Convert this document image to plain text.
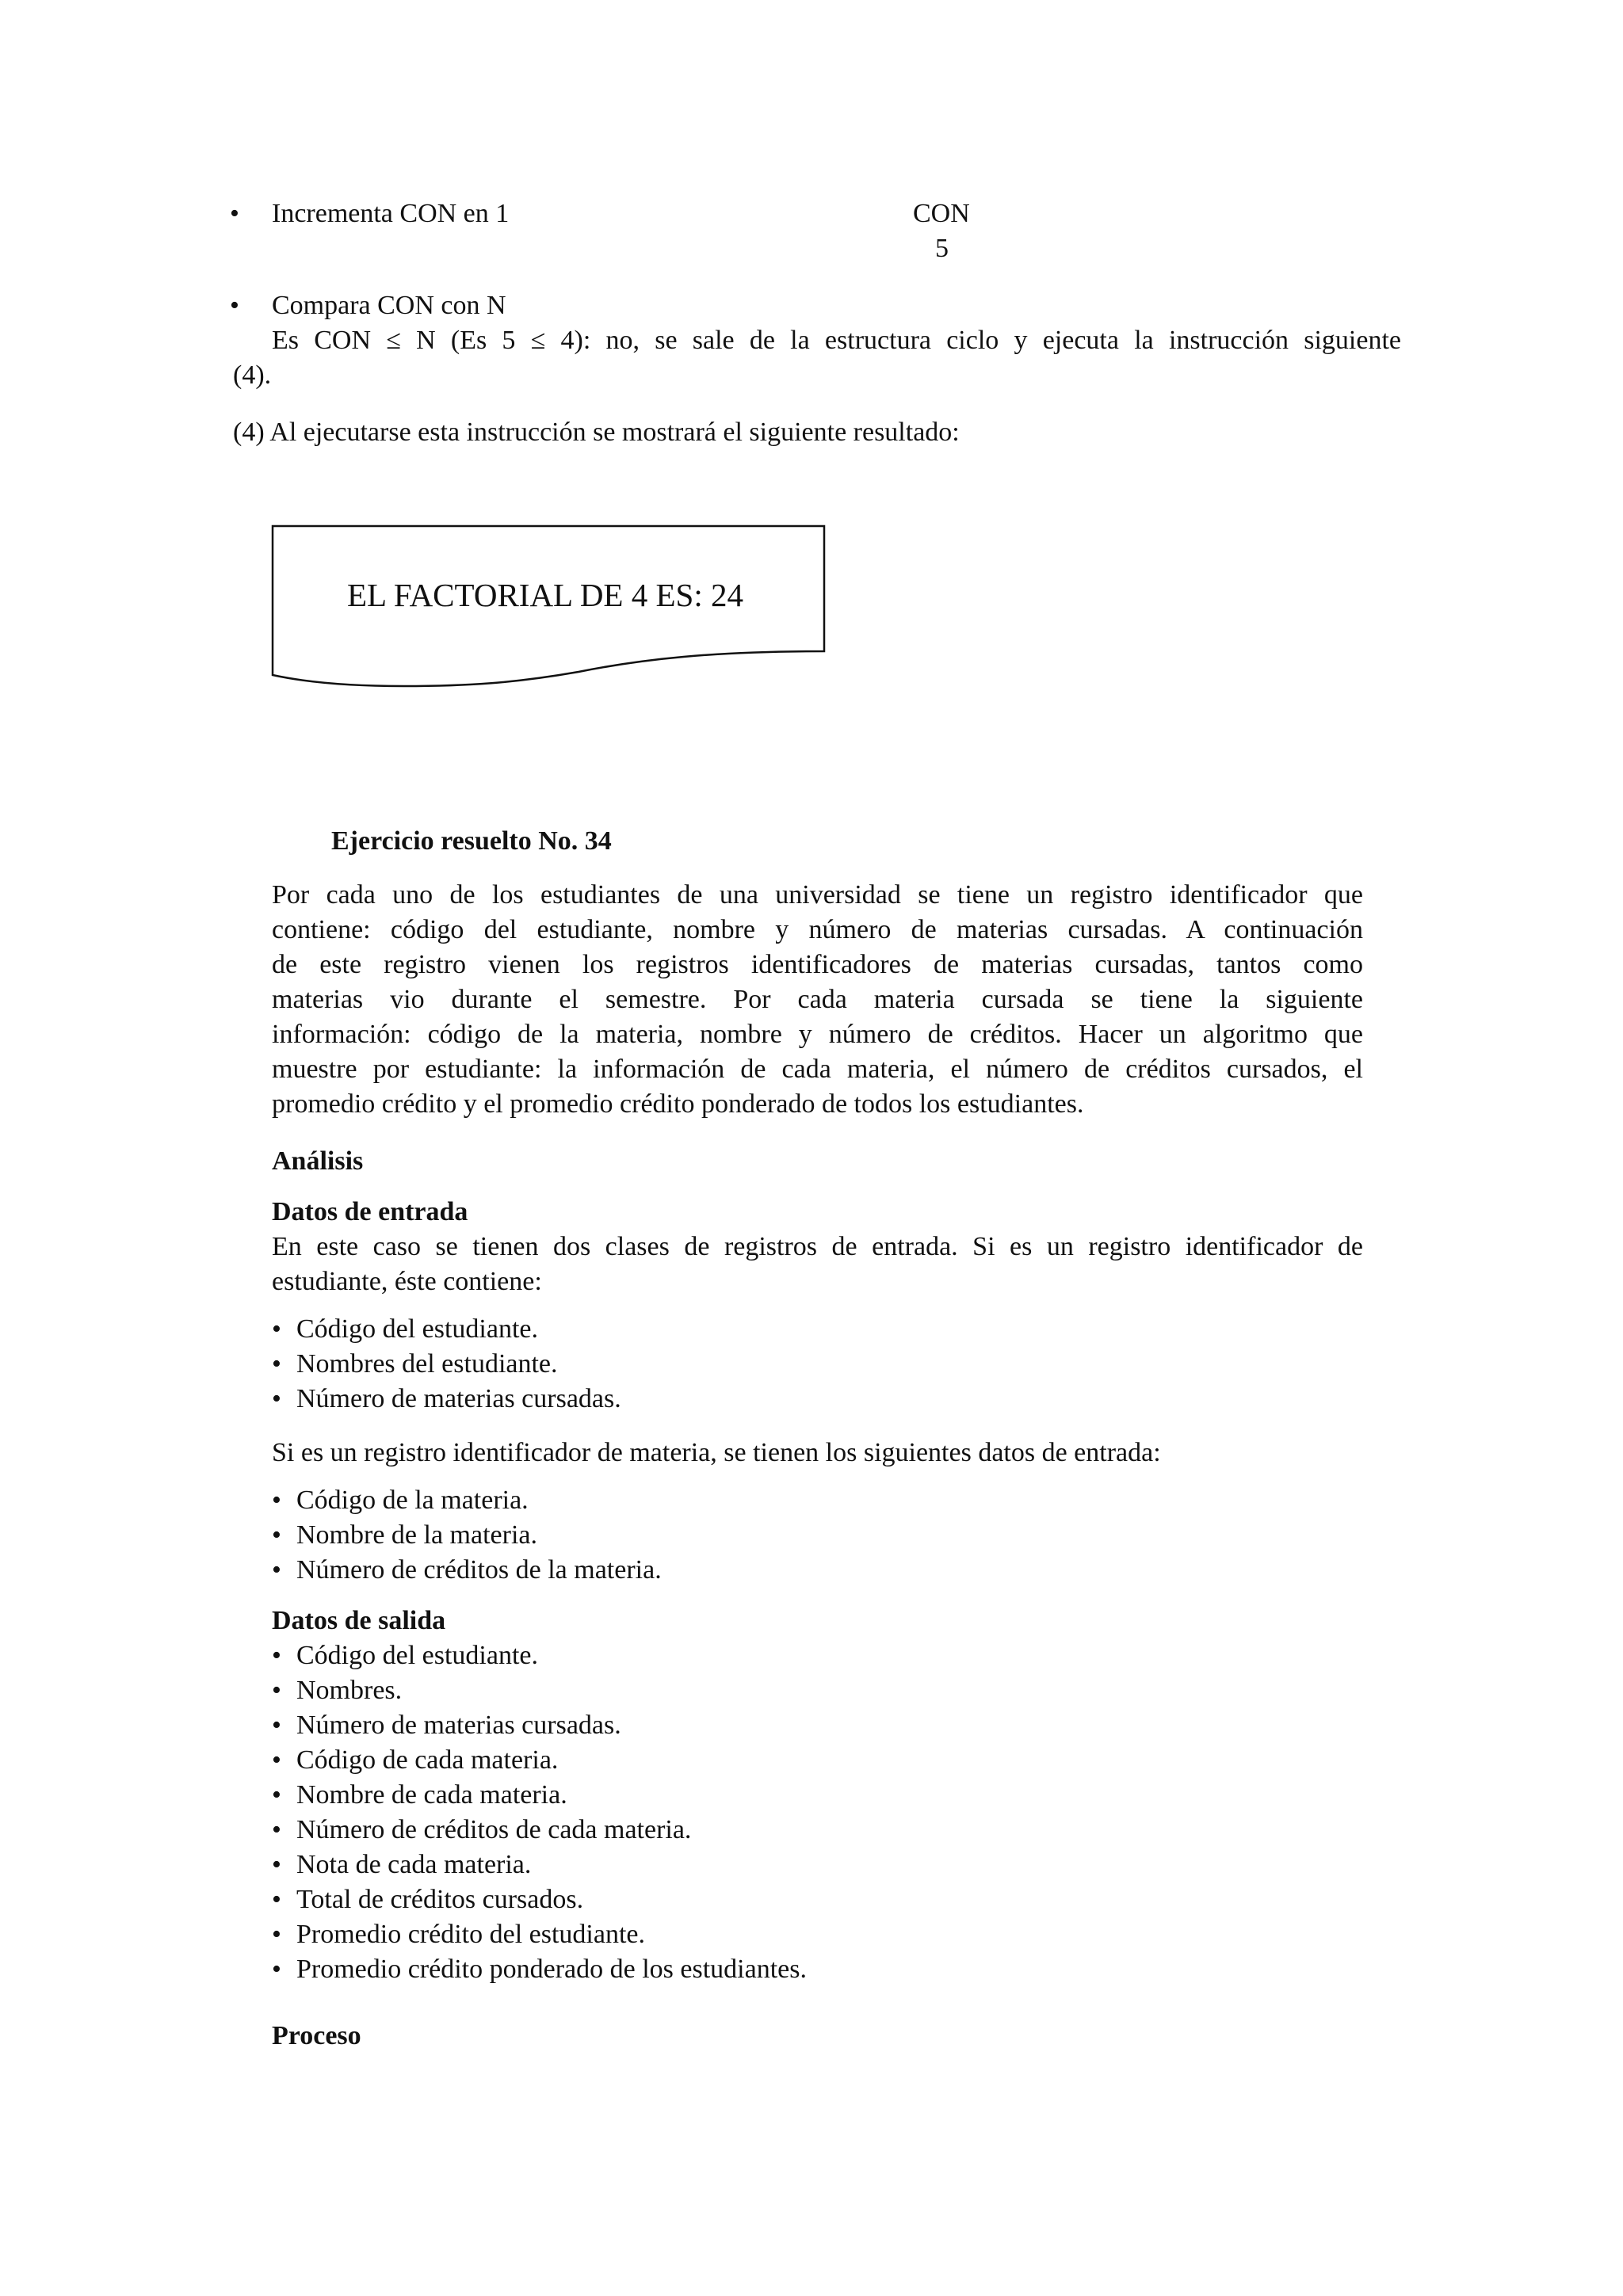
• Incrementa CON en 1	CON
5
• Compara CON con N
Es CON ≤ N (Es 5 ≤ 4): no, se sale de la estructura ciclo y ejecuta la instrucción siguiente
(4).
(4) Al ejecutarse esta instrucción se mostrará el siguiente resultado:
EL FACTORIAL DE 4 ES: 24
Ejercicio resuelto No. 34
Por cada uno de los estudiantes de una universidad se tiene un registro identificador que
contiene: código del estudiante, nombre y número de materias cursadas. A continuación
de este registro vienen los registros identificadores de materias cursadas, tantos como
materias vio durante el semestre. Por cada materia cursada se tiene la siguiente
información: código de la materia, nombre y número de créditos. Hacer un algoritmo que
muestre por estudiante: la información de cada materia, el número de créditos cursados, el
promedio crédito y el promedio crédito ponderado de todos los estudiantes.
Análisis
Datos de entrada
En este caso se tienen dos clases de registros de entrada. Si es un registro identificador de
estudiante, éste contiene:
• Código del estudiante.
• Nombres del estudiante.
• Número de materias cursadas.
Si es un registro identificador de materia, se tienen los siguientes datos de entrada:
• Código de la materia.
• Nombre de la materia.
• Número de créditos de la materia.
Datos de salida
• Código del estudiante.
• Nombres.
• Número de materias cursadas.
• Código de cada materia.
• Nombre de cada materia.
• Número de créditos de cada materia.
• Nota de cada materia.
• Total de créditos cursados.
• Promedio crédito del estudiante.
• Promedio crédito ponderado de los estudiantes.
Proceso
